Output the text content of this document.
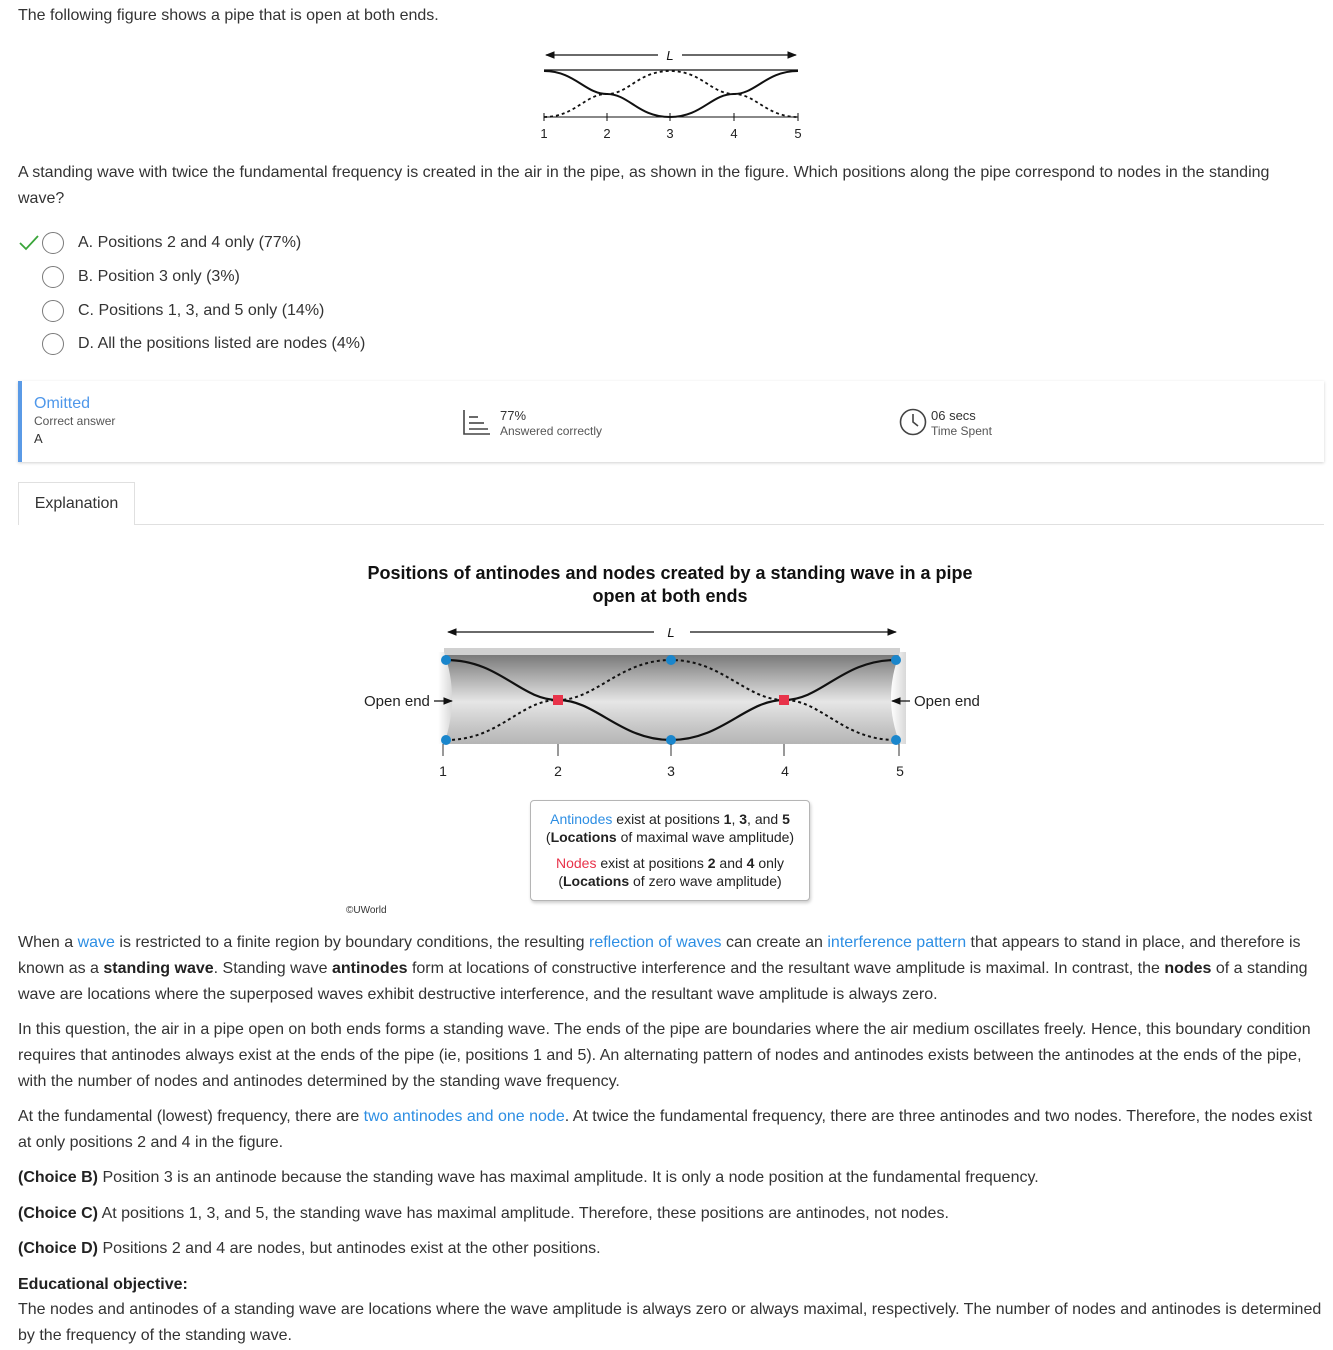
The following figure shows a pipe that is open at both ends.
L
1	2	3	4	5
A standing wave with twice the fundamental frequency is created in the air in the pipe, as shown in the figure. Which positions along the pipe correspond to nodes in the standing wave?
A. Positions 2 and 4 only (77%)
B. Position 3 only (3%)
C. Positions 1, 3, and 5 only (14%)
D. All the positions listed are nodes (4%)
Omitted
Correct answer
A
77%
Answered correctly
06 secs
Time Spent
Explanation
Positions of antinodes and nodes created by a standing wave in a pipe
open at both ends
L
1	2	3	4	5
Open end	Open end
Antinodes exist at positions 1, 3, and 5
(Locations of maximal wave amplitude)
Nodes exist at positions 2 and 4 only
(Locations of zero wave amplitude)
©UWorld
When a wave is restricted to a finite region by boundary conditions, the resulting reflection of waves can create an interference pattern that appears to stand in place, and therefore is known as a standing wave. Standing wave antinodes form at locations of constructive interference and the resultant wave amplitude is maximal. In contrast, the nodes of a standing wave are locations where the superposed waves exhibit destructive interference, and the resultant wave amplitude is always zero.
In this question, the air in a pipe open on both ends forms a standing wave. The ends of the pipe are boundaries where the air medium oscillates freely. Hence, this boundary condition requires that antinodes always exist at the ends of the pipe (ie, positions 1 and 5). An alternating pattern of nodes and antinodes exists between the antinodes at the ends of the pipe, with the number of nodes and antinodes determined by the standing wave frequency.
At the fundamental (lowest) frequency, there are two antinodes and one node. At twice the fundamental frequency, there are three antinodes and two nodes. Therefore, the nodes exist at only positions 2 and 4 in the figure.
(Choice B) Position 3 is an antinode because the standing wave has maximal amplitude. It is only a node position at the fundamental frequency.
(Choice C) At positions 1, 3, and 5, the standing wave has maximal amplitude. Therefore, these positions are antinodes, not nodes.
(Choice D) Positions 2 and 4 are nodes, but antinodes exist at the other positions.
Educational objective:
The nodes and antinodes of a standing wave are locations where the wave amplitude is always zero or always maximal, respectively. The number of nodes and antinodes is determined by the frequency of the standing wave.
